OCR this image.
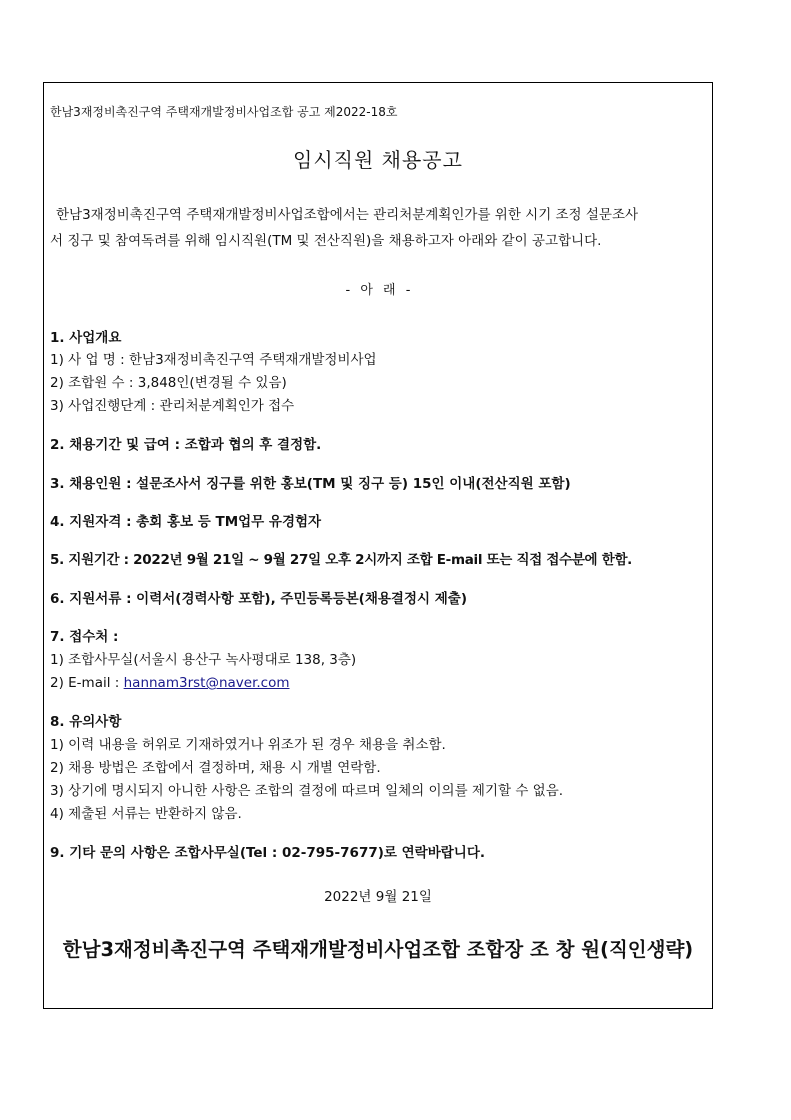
한남3재정비촉진구역 주택재개발정비사업조합 공고 제2022-18호
임시직원 채용공고
한남3재정비촉진구역 주택재개발정비사업조합에서는 관리처분계획인가를 위한 시기 조정 설문조사
서 징구 및 참여독려를 위해 임시직원(TM 및 전산직원)을 채용하고자 아래와 같이 공고합니다.
- 아 래 -
1. 사업개요
1) 사 업 명 : 한남3재정비촉진구역 주택재개발정비사업
2) 조합원 수 : 3,848인(변경될 수 있음)
3) 사업진행단계 : 관리처분계획인가 접수
2. 채용기간 및 급여 : 조합과 협의 후 결정함.
3. 채용인원 : 설문조사서 징구를 위한 홍보(TM 및 징구 등) 15인 이내(전산직원 포함)
4. 지원자격 : 총회 홍보 등 TM업무 유경험자
5. 지원기간 : 2022년 9월 21일 ~ 9월 27일 오후 2시까지 조합 E-mail 또는 직접 접수분에 한함.
6. 지원서류 : 이력서(경력사항 포함), 주민등록등본(채용결정시 제출)
7. 접수처 :
1) 조합사무실(서울시 용산구 녹사평대로 138, 3층)
2) E-mail : hannam3rst@naver.com
8. 유의사항
1) 이력 내용을 허위로 기재하였거나 위조가 된 경우 채용을 취소함.
2) 채용 방법은 조합에서 결정하며, 채용 시 개별 연락함.
3) 상기에 명시되지 아니한 사항은 조합의 결정에 따르며 일체의 이의를 제기할 수 없음.
4) 제출된 서류는 반환하지 않음.
9. 기타 문의 사항은 조합사무실(Tel : 02-795-7677)로 연락바랍니다.
2022년 9월 21일
한남3재정비촉진구역 주택재개발정비사업조합 조합장 조 창 원(직인생략)
